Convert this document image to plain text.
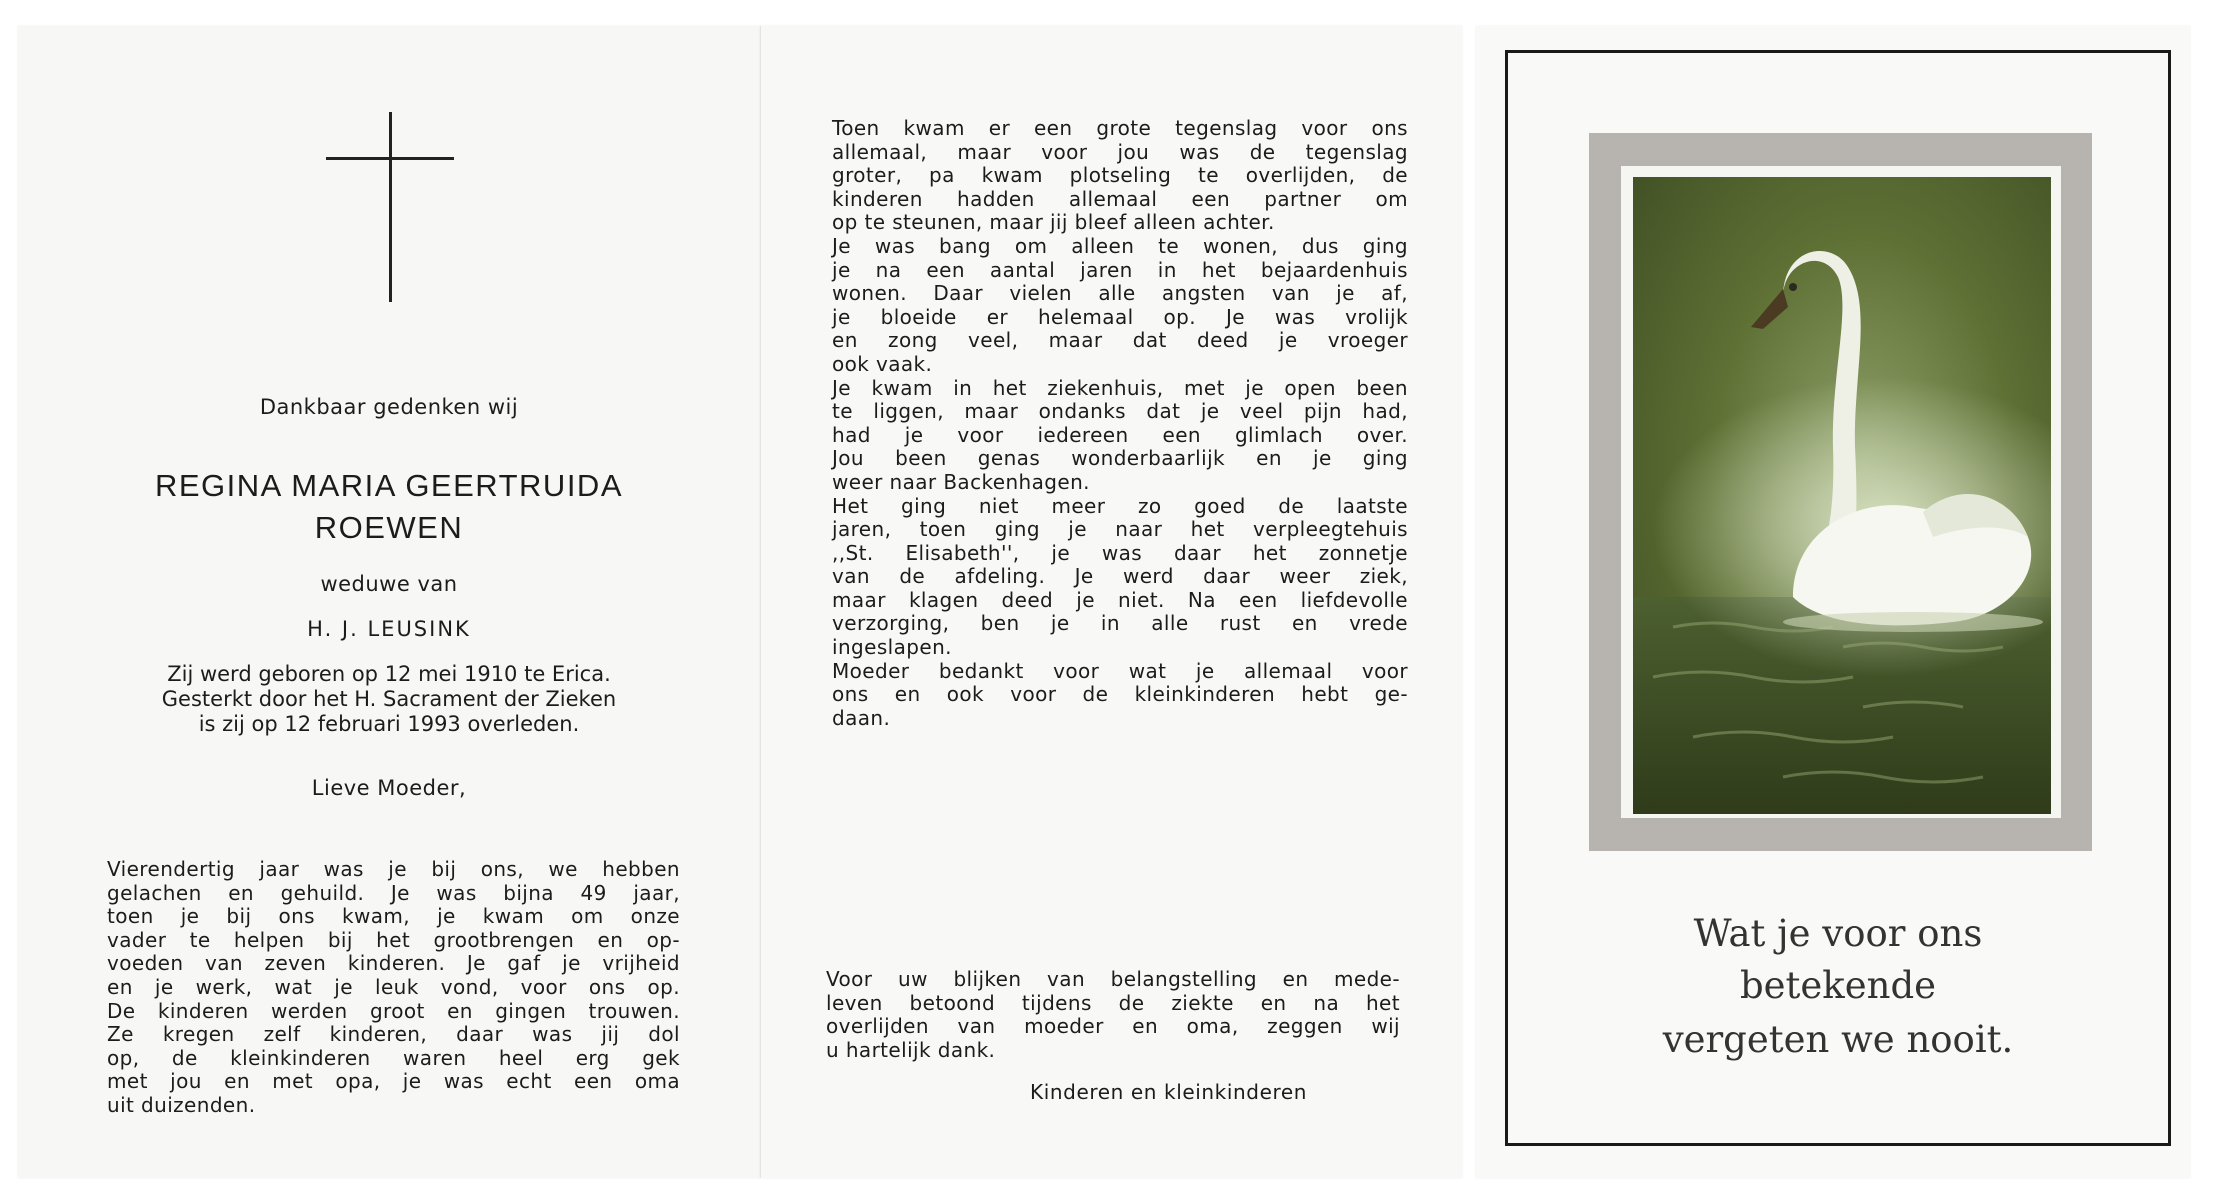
Dankbaar gedenken wij
REGINA MARIA GEERTRUIDA
ROEWEN
weduwe van
H. J. LEUSINK
Zij werd geboren op 12 mei 1910 te Erica.
Gesterkt door het H. Sacrament der Zieken
is zij op 12 februari 1993 overleden.
Lieve Moeder,
Vierendertig jaar was je bij ons, we hebben
gelachen en gehuild. Je was bijna 49 jaar,
toen je bij ons kwam, je kwam om onze
vader te helpen bij het grootbrengen en op-
voeden van zeven kinderen. Je gaf je vrijheid
en je werk, wat je leuk vond, voor ons op.
De kinderen werden groot en gingen trouwen.
Ze kregen zelf kinderen, daar was jij dol
op, de kleinkinderen waren heel erg gek
met jou en met opa, je was echt een oma
uit duizenden.
Toen kwam er een grote tegenslag voor ons
allemaal, maar voor jou was de tegenslag
groter, pa kwam plotseling te overlijden, de
kinderen hadden allemaal een partner om
op te steunen, maar jij bleef alleen achter.
Je was bang om alleen te wonen, dus ging
je na een aantal jaren in het bejaardenhuis
wonen. Daar vielen alle angsten van je af,
je bloeide er helemaal op. Je was vrolijk
en zong veel, maar dat deed je vroeger
ook vaak.
Je kwam in het ziekenhuis, met je open been
te liggen, maar ondanks dat je veel pijn had,
had je voor iedereen een glimlach over.
Jou been genas wonderbaarlijk en je ging
weer naar Backenhagen.
Het ging niet meer zo goed de laatste
jaren, toen ging je naar het verpleegtehuis
,,St. Elisabeth'', je was daar het zonnetje
van de afdeling. Je werd daar weer ziek,
maar klagen deed je niet. Na een liefdevolle
verzorging, ben je in alle rust en vrede
ingeslapen.
Moeder bedankt voor wat je allemaal voor
ons en ook voor de kleinkinderen hebt ge-
daan.
Voor uw blijken van belangstelling en mede-
leven betoond tijdens de ziekte en na het
overlijden van moeder en oma, zeggen wij
u hartelijk dank.
Kinderen en kleinkinderen
Wat je voor ons
betekende
vergeten we nooit.
